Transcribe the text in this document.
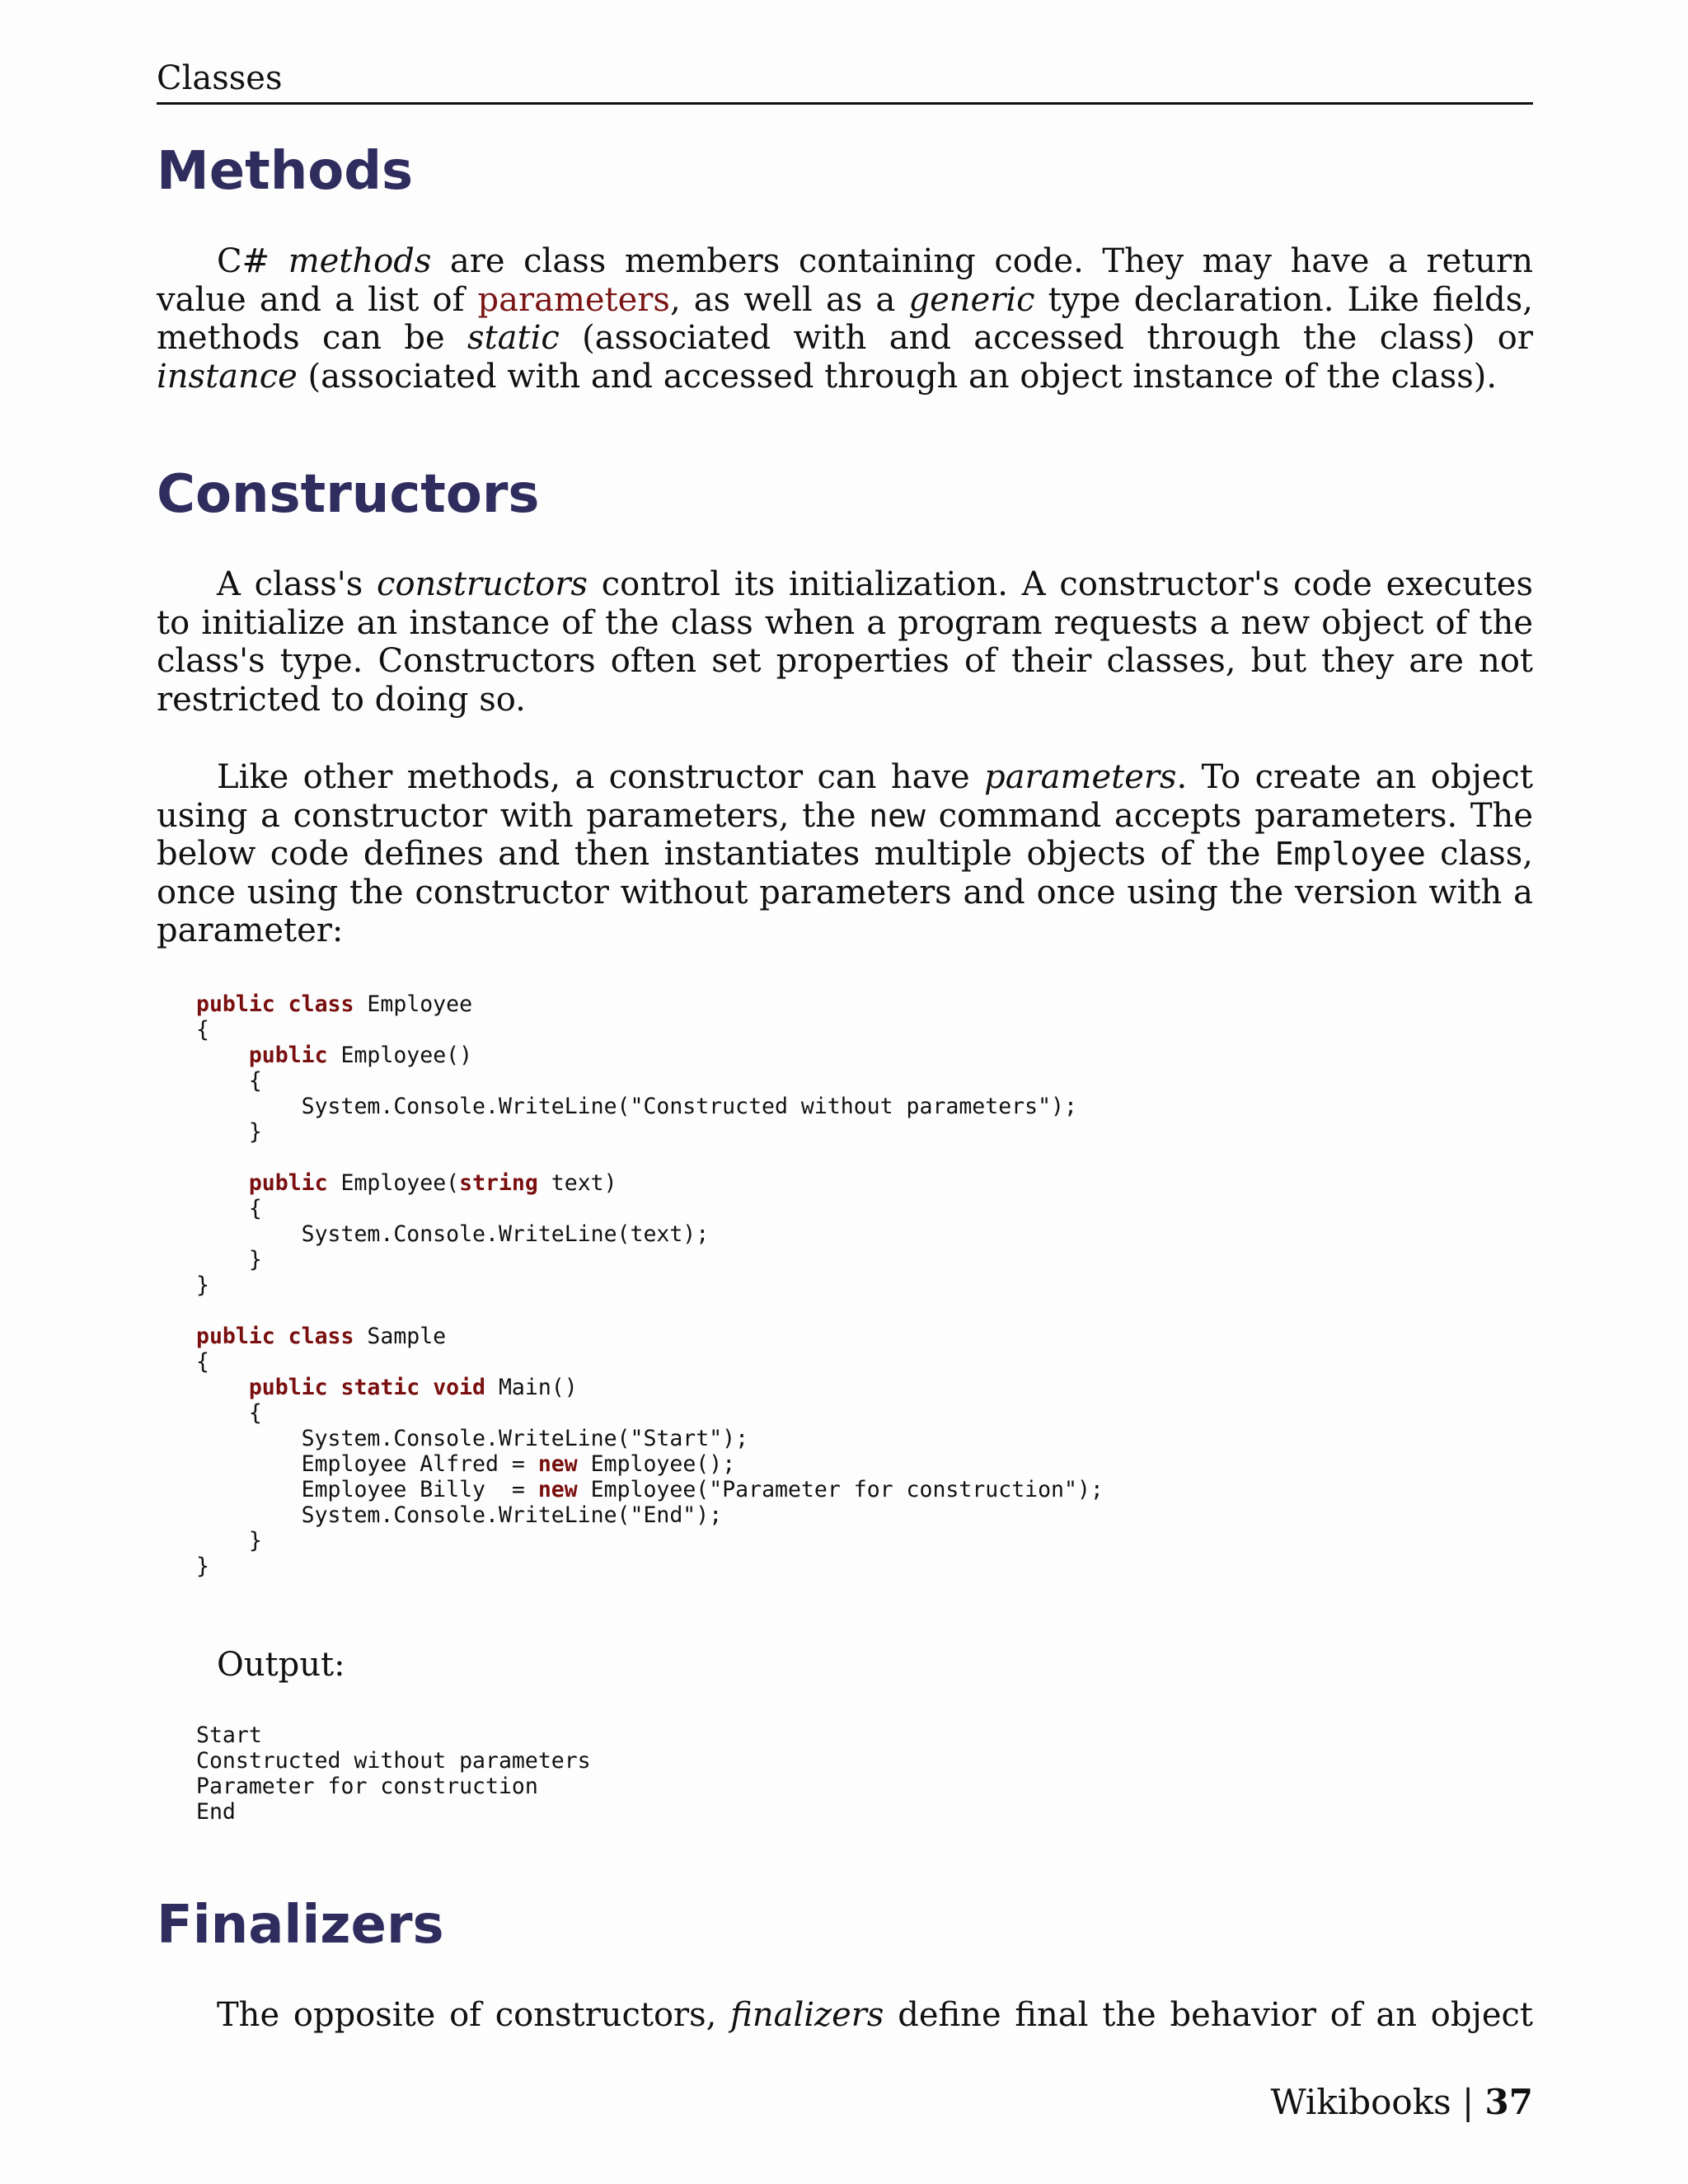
Classes
Methods

C# methods are class members containing code. They may have a return value and a list of parameters, as well as a generic type declaration. Like fields, methods can be static (associated with and accessed through the class) or instance (associated with and accessed through an object instance of the class).

Constructors

A class's constructors control its initialization. A constructor's code executes to initialize an instance of the class when a program requests a new object of the class's type. Constructors often set properties of their classes, but they are not restricted to doing so.

Like other methods, a constructor can have parameters. To create an object using a constructor with parameters, the new command accepts parameters. The below code defines and then instantiates multiple objects of the Employee class, once using the constructor without parameters and once using the version with a parameter:

public class Employee
{
public Employee()
{
System.Console.WriteLine("Constructed without parameters");
}

public Employee(string text)
{
System.Console.WriteLine(text);
}
}

public class Sample
{
public static void Main()
{
System.Console.WriteLine("Start");
Employee Alfred = new Employee();
Employee Billy  = new Employee("Parameter for construction");
System.Console.WriteLine("End");
}
}

Output:

Start
Constructed without parameters
Parameter for construction
End
Finalizers

The opposite of constructors, finalizers define final the behavior of an object

Wikibooks | 37
